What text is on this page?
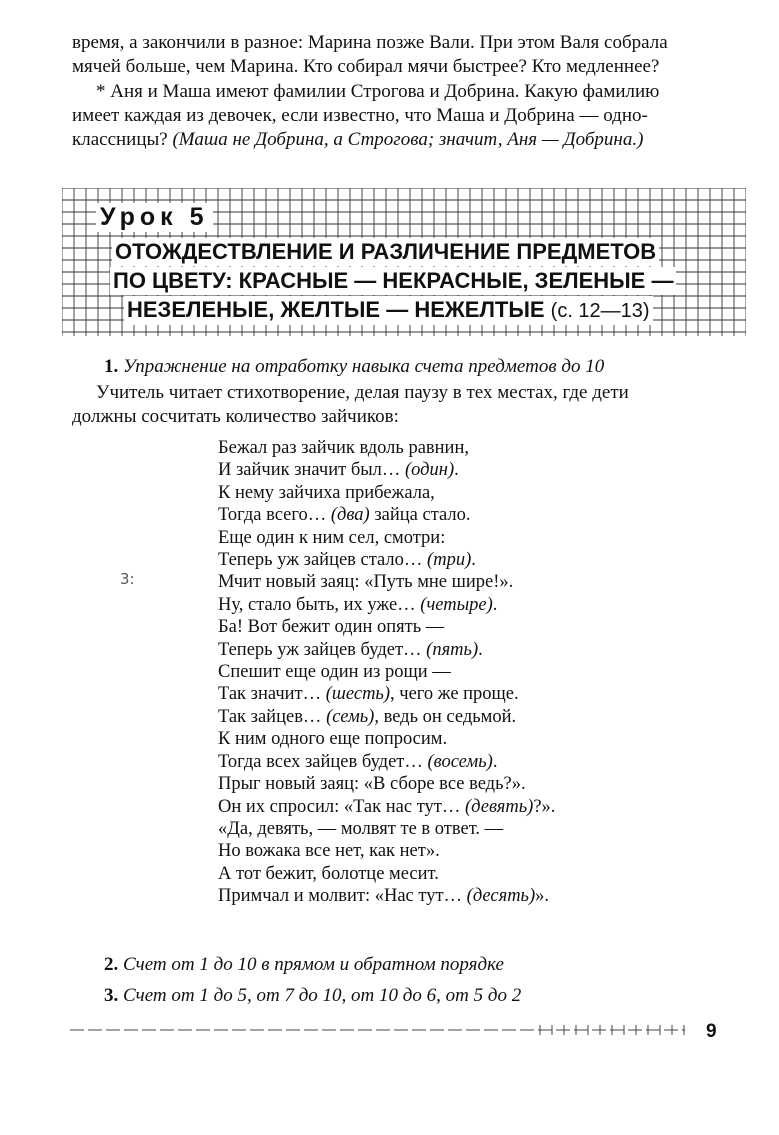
время, а закончили в разное: Марина позже Вали. При этом Валя собрала
мячей больше, чем Марина. Кто собирал мячи быстрее? Кто медленнее?
* Аня и Маша имеют фамилии Строгова и Добрина. Какую фамилию
имеет каждая из девочек, если известно, что Маша и Добрина — одно-
классницы? (Маша не Добрина, а Строгова; значит, Аня — Добрина.)
Урок 5
ОТОЖДЕСТВЛЕНИЕ И РАЗЛИЧЕНИЕ ПРЕДМЕТОВ
ПО ЦВЕТУ: КРАСНЫЕ — НЕКРАСНЫЕ, ЗЕЛЕНЫЕ —
НЕЗЕЛЕНЫЕ, ЖЕЛТЫЕ — НЕЖЕЛТЫЕ (с. 12—13)
1. Упражнение на отработку навыка счета предметов до 10
Учитель читает стихотворение, делая паузу в тех местах, где дети
должны сосчитать количество зайчиков:
3:
Бежал раз зайчик вдоль равнин,
И зайчик значит был… (один).
К нему зайчиха прибежала,
Тогда всего… (два) зайца стало.
Еще один к ним сел, смотри:
Теперь уж зайцев стало… (три).
Мчит новый заяц: «Путь мне шире!».
Ну, стало быть, их уже… (четыре).
Ба! Вот бежит один опять —
Теперь уж зайцев будет… (пять).
Спешит еще один из рощи —
Так значит… (шесть), чего же проще.
Так зайцев… (семь), ведь он седьмой.
К ним одного еще попросим.
Тогда всех зайцев будет… (восемь).
Прыг новый заяц: «В сборе все ведь?».
Он их спросил: «Так нас тут… (девять)?».
«Да, девять, — молвят те в ответ. —
Но вожака все нет, как нет».
А тот бежит, болотце месит.
Примчал и молвит: «Нас тут… (десять)».
2. Счет от 1 до 10 в прямом и обратном порядке
3. Счет от 1 до 5, от 7 до 10, от 10 до 6, от 5 до 2
9
